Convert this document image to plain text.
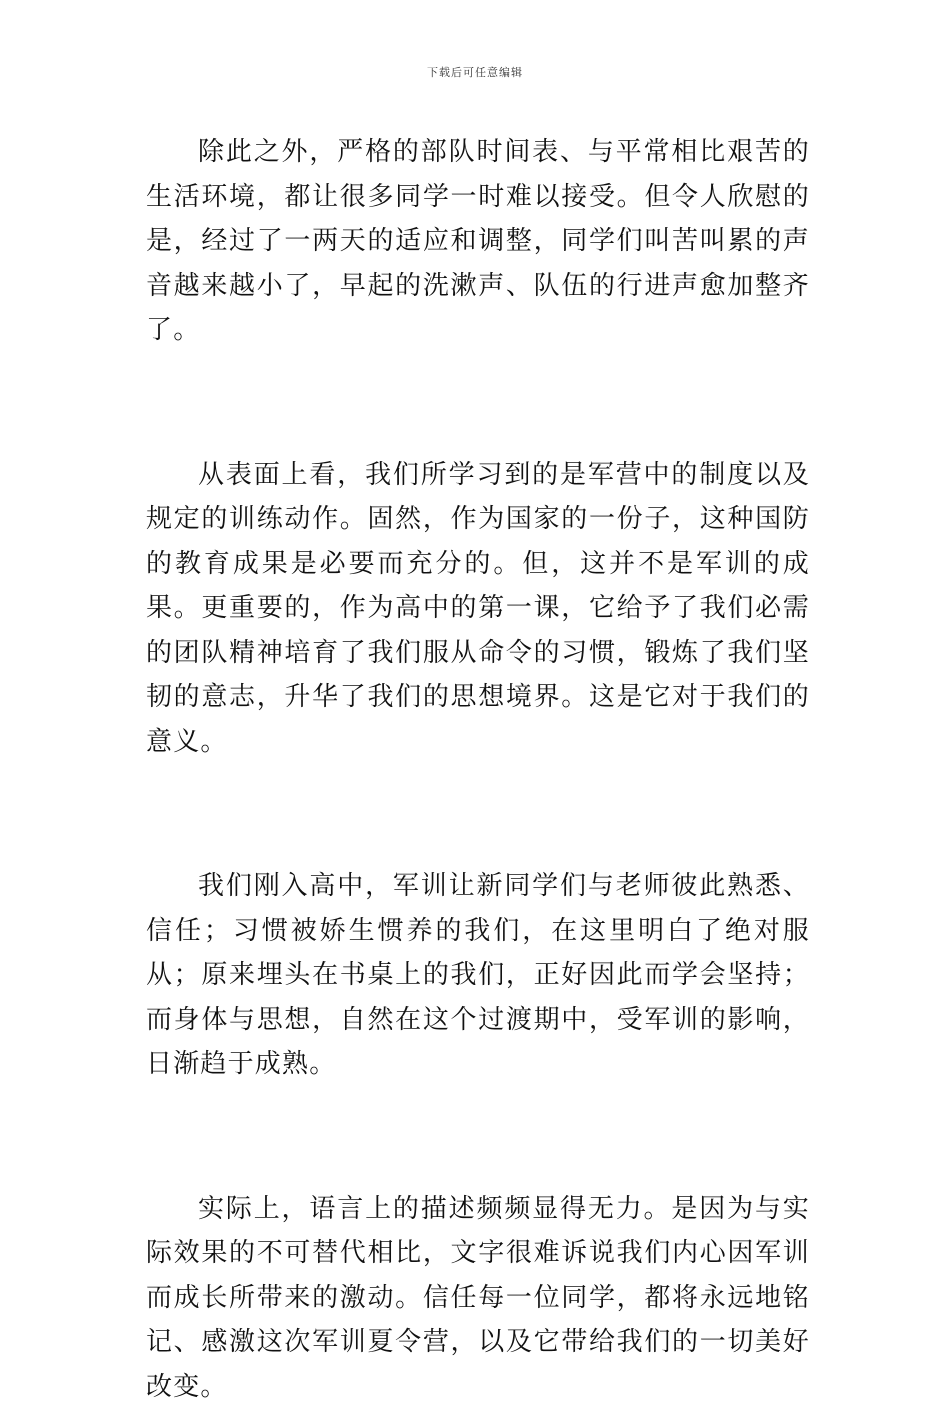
下载后可任意编辑

除此之外，严格的部队时间表、与平常相比艰苦的生活环境，都让很多同学一时难以接受。但令人欣慰的是，经过了一两天的适应和调整，同学们叫苦叫累的声音越来越小了，早起的洗漱声、队伍的行进声愈加整齐了。

从表面上看，我们所学习到的是军营中的制度以及规定的训练动作。固然，作为国家的一份子，这种国防的教育成果是必要而充分的。但，这并不是军训的成果。更重要的，作为高中的第一课，它给予了我们必需的团队精神培育了我们服从命令的习惯，锻炼了我们坚韧的意志，升华了我们的思想境界。这是它对于我们的意义。

我们刚入高中，军训让新同学们与老师彼此熟悉、信任；习惯被娇生惯养的我们，在这里明白了绝对服从；原来埋头在书桌上的我们，正好因此而学会坚持；而身体与思想，自然在这个过渡期中，受军训的影响，日渐趋于成熟。

实际上，语言上的描述频频显得无力。是因为与实际效果的不可替代相比，文字很难诉说我们内心因军训而成长所带来的激动。信任每一位同学，都将永远地铭记、感激这次军训夏令营，以及它带给我们的一切美好改变。
